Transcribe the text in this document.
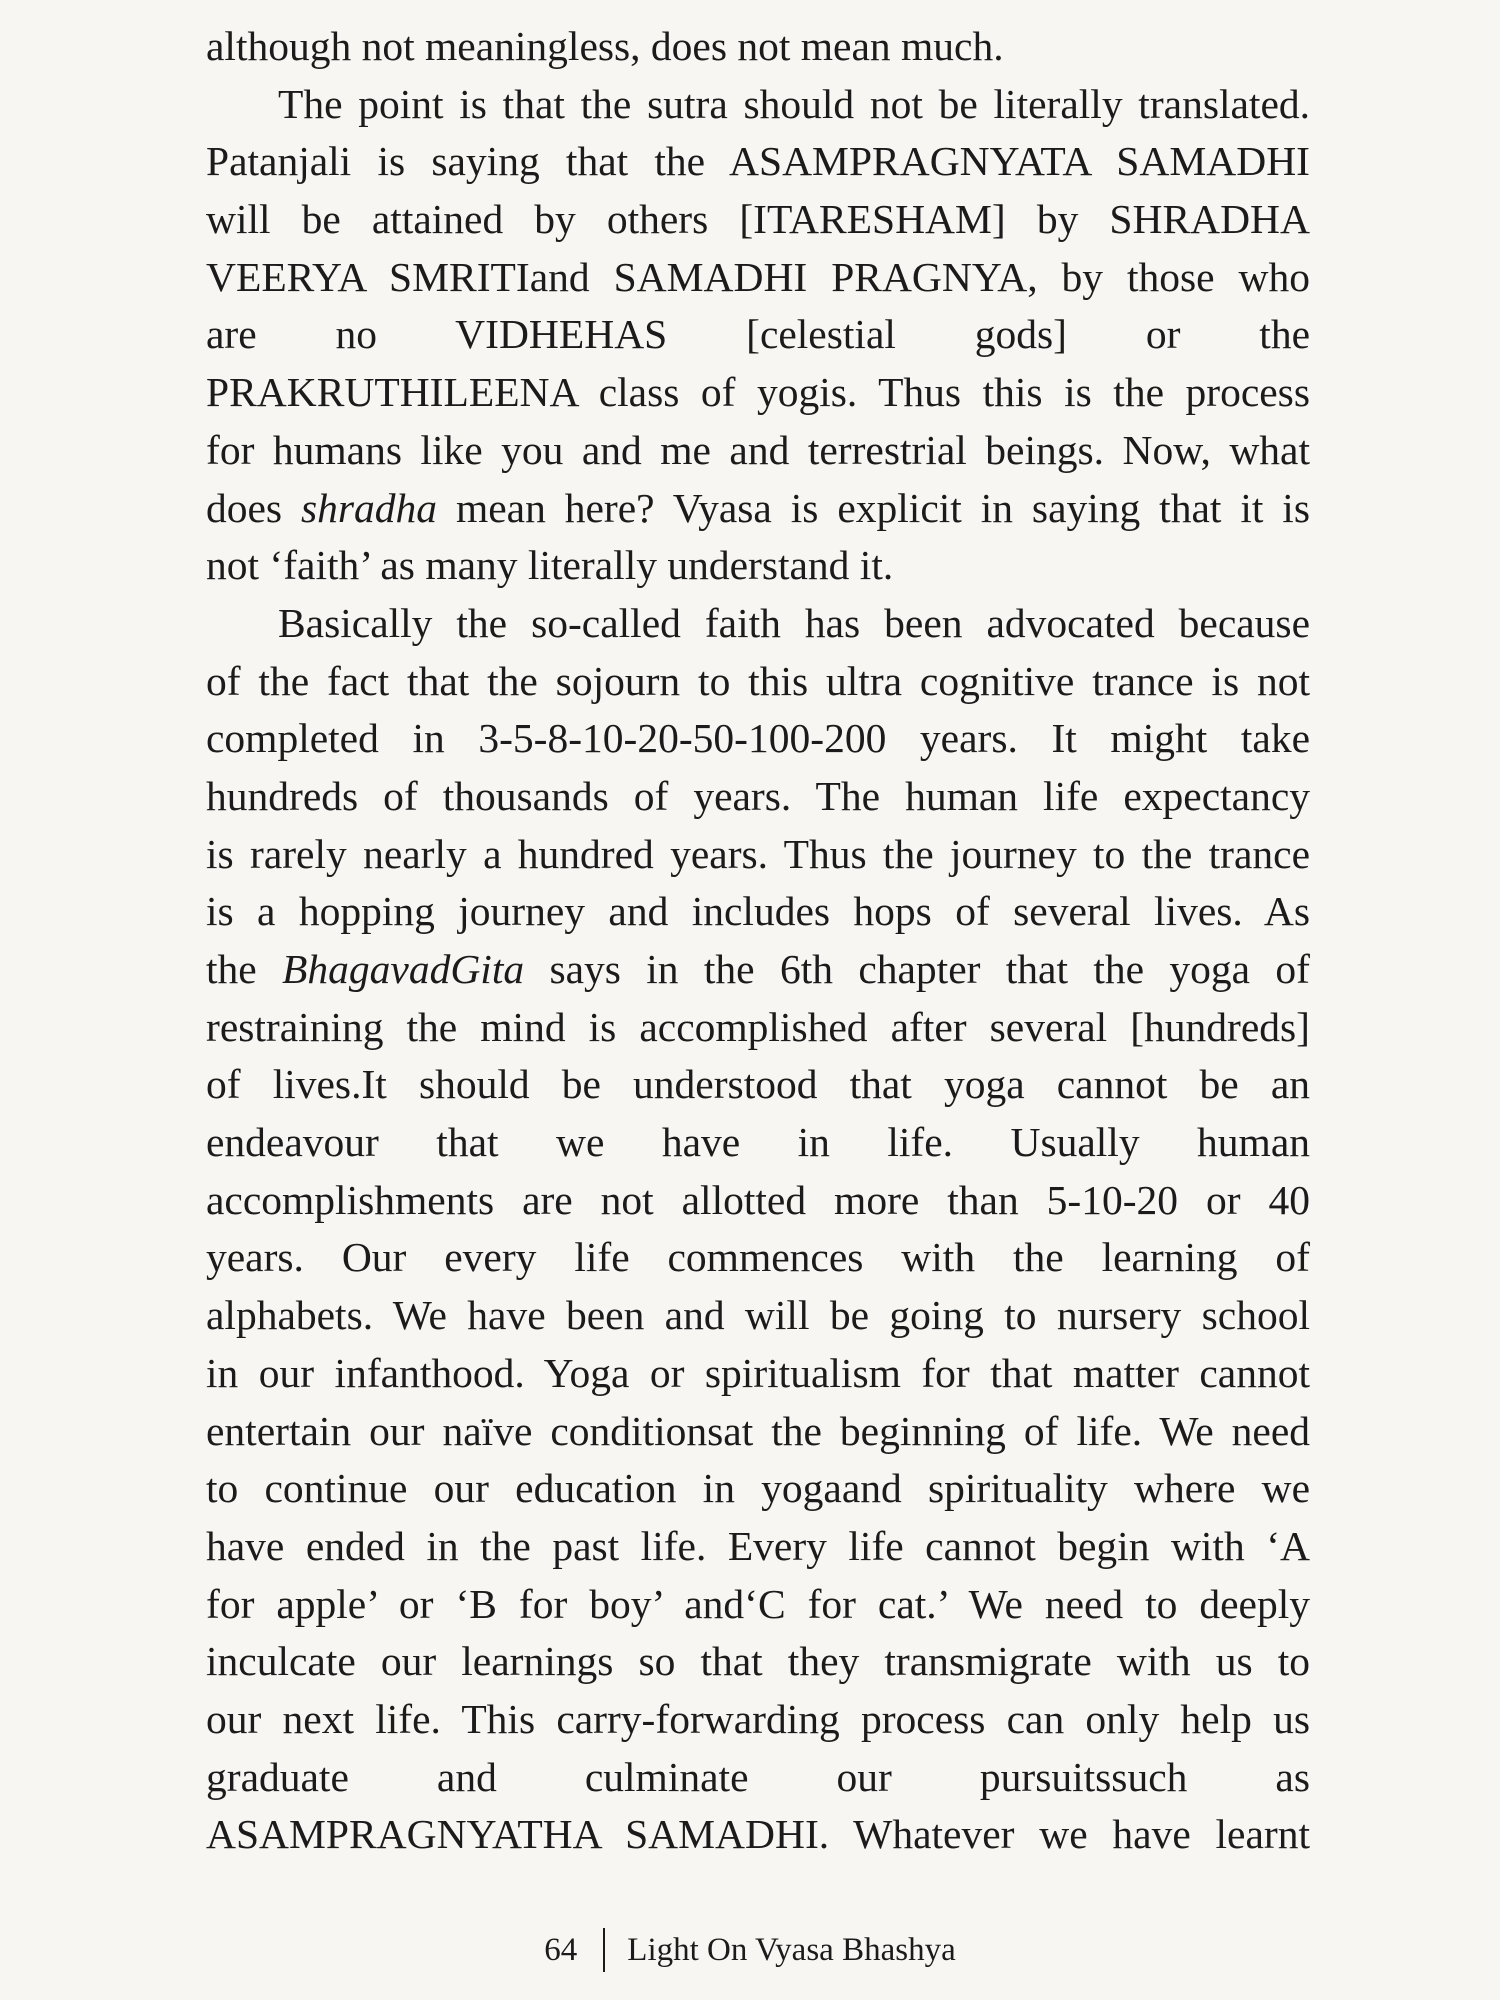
although not meaningless, does not mean much.
The point is that the sutra should not be literally translated.
Patanjali is saying that the ASAMPRAGNYATA SAMADHI
will be attained by others [ITARESHAM] by SHRADHA
VEERYA SMRITIand SAMADHI PRAGNYA, by those who
are no VIDHEHAS [celestial gods] or the
PRAKRUTHILEENA class of yogis. Thus this is the process
for humans like you and me and terrestrial beings. Now, what
does shradha mean here? Vyasa is explicit in saying that it is
not ‘faith’ as many literally understand it.
Basically the so-called faith has been advocated because
of the fact that the sojourn to this ultra cognitive trance is not
completed in 3-5-8-10-20-50-100-200 years. It might take
hundreds of thousands of years. The human life expectancy
is rarely nearly a hundred years. Thus the journey to the trance
is a hopping journey and includes hops of several lives. As
the BhagavadGita says in the 6th chapter that the yoga of
restraining the mind is accomplished after several [hundreds]
of lives.It should be understood that yoga cannot be an
endeavour that we have in life. Usually human
accomplishments are not allotted more than 5-10-20 or 40
years. Our every life commences with the learning of
alphabets. We have been and will be going to nursery school
in our infanthood. Yoga or spiritualism for that matter cannot
entertain our naïve conditionsat the beginning of life. We need
to continue our education in yogaand spirituality where we
have ended in the past life. Every life cannot begin with ‘A
for apple’ or ‘B for boy’ and‘C for cat.’ We need to deeply
inculcate our learnings so that they transmigrate with us to
our next life. This carry-forwarding process can only help us
graduate and culminate our pursuitssuch as
ASAMPRAGNYATHA SAMADHI. Whatever we have learnt
64 Light On Vyasa Bhashya
